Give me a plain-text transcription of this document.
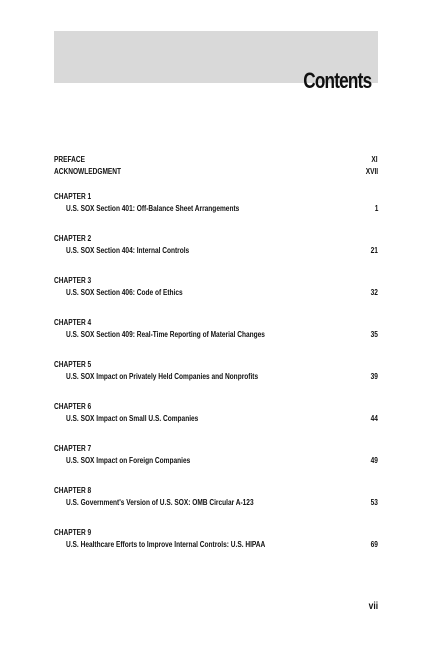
Contents
PREFACE	XI
ACKNOWLEDGMENT	XVII
CHAPTER 1
U.S. SOX Section 401: Off-Balance Sheet Arrangements	1
CHAPTER 2
U.S. SOX Section 404: Internal Controls	21
CHAPTER 3
U.S. SOX Section 406: Code of Ethics	32
CHAPTER 4
U.S. SOX Section 409: Real-Time Reporting of Material Changes	35
CHAPTER 5
U.S. SOX Impact on Privately Held Companies and Nonprofits	39
CHAPTER 6
U.S. SOX Impact on Small U.S. Companies	44
CHAPTER 7
U.S. SOX Impact on Foreign Companies	49
CHAPTER 8
U.S. Government's Version of U.S. SOX: OMB Circular A-123	53
CHAPTER 9
U.S. Healthcare Efforts to Improve Internal Controls: U.S. HIPAA	69
vii
